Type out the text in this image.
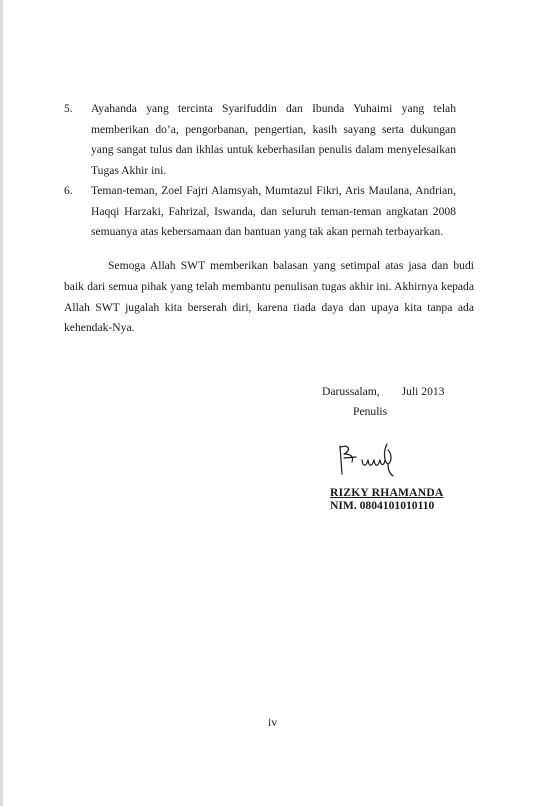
5. Ayahanda yang tercinta Syarifuddin dan Ibunda Yuhaimi yang telah memberikan do’a, pengorbanan, pengertian, kasih sayang serta dukungan yang sangat tulus dan ikhlas untuk keberhasilan penulis dalam menyelesaikan Tugas Akhir ini.
6. Teman-teman, Zoel Fajri Alamsyah, Mumtazul Fikri, Aris Maulana, Andrian, Haqqi Harzaki, Fahrizal, Iswanda, dan seluruh teman-teman angkatan 2008 semuanya atas kebersamaan dan bantuan yang tak akan pernah terbayarkan.

Semoga Allah SWT memberikan balasan yang setimpal atas jasa dan budi baik dari semua pihak yang telah membantu penulisan tugas akhir ini. Akhirnya kepada Allah SWT jugalah kita berserah diri, karena tiada daya dan upaya kita tanpa ada kehendak-Nya.

Darussalam, Juli 2013
Penulis
RIZKY RHAMANDA
NIM. 0804101010110
iv
